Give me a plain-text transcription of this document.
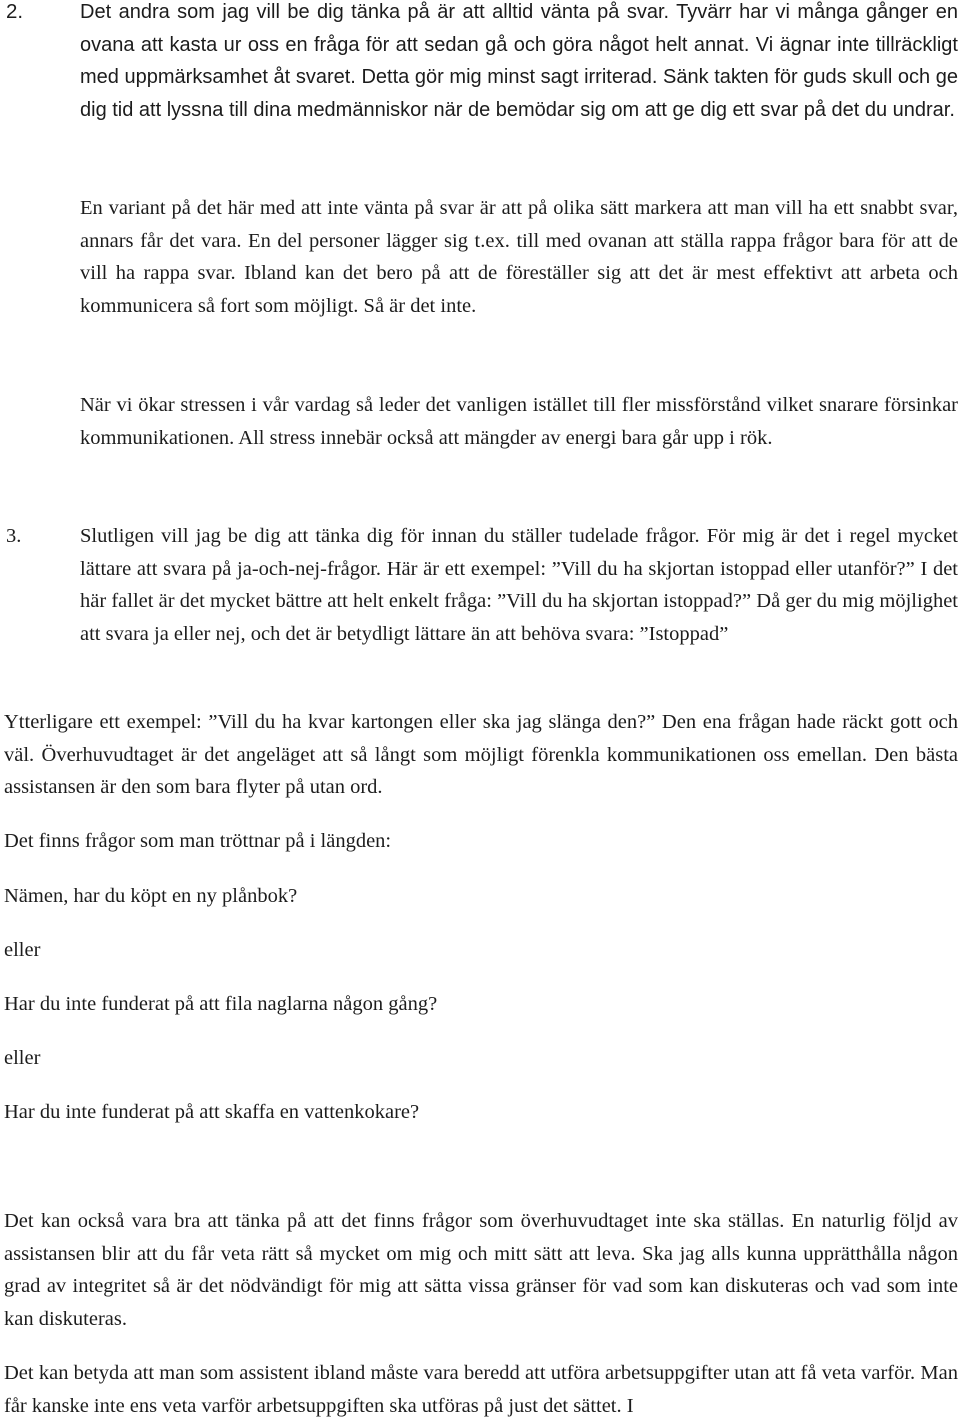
2.	Det andra som jag vill be dig tänka på är att alltid vänta på svar. Tyvärr har vi många gånger en ovana att kasta ur oss en fråga för att sedan gå och göra något helt annat. Vi ägnar inte tillräckligt med uppmärksamhet åt svaret. Detta gör mig minst sagt irriterad. Sänk takten för guds skull och ge dig tid att lyssna till dina medmänniskor när de bemödar sig om att ge dig ett svar på det du undrar.

En variant på det här med att inte vänta på svar är att på olika sätt markera att man vill ha ett snabbt svar, annars får det vara. En del personer lägger sig t.ex. till med ovanan att ställa rappa frågor bara för att de vill ha rappa svar. Ibland kan det bero på att de föreställer sig att det är mest effektivt att arbeta och kommunicera så fort som möjligt. Så är det inte.

När vi ökar stressen i vår vardag så leder det vanligen istället till fler missförstånd vilket snarare försinkar kommunikationen. All stress innebär också att mängder av energi bara går upp i rök.

3.	Slutligen vill jag be dig att tänka dig för innan du ställer tudelade frågor. För mig är det i regel mycket lättare att svara på ja-och-nej-frågor. Här är ett exempel: ”Vill du ha skjortan istoppad eller utanför?” I det här fallet är det mycket bättre att helt enkelt fråga: ”Vill du ha skjortan istoppad?” Då ger du mig möjlighet att svara ja eller nej, och det är betydligt lättare än att behöva svara: ”Istoppad”

Ytterligare ett exempel: ”Vill du ha kvar kartongen eller ska jag slänga den?” Den ena frågan hade räckt gott och väl. Överhuvudtaget är det angeläget att så långt som möjligt förenkla kommunikationen oss emellan. Den bästa assistansen är den som bara flyter på utan ord.

Det finns frågor som man tröttnar på i längden:

Nämen, har du köpt en ny plånbok?

eller

Har du inte funderat på att fila naglarna någon gång?

eller

Har du inte funderat på att skaffa en vattenkokare?

Det kan också vara bra att tänka på att det finns frågor som överhuvudtaget inte ska ställas. En naturlig följd av assistansen blir att du får veta rätt så mycket om mig och mitt sätt att leva. Ska jag alls kunna upprätthålla någon grad av integritet så är det nödvändigt för mig att sätta vissa gränser för vad som kan diskuteras och vad som inte kan diskuteras.

Det kan betyda att man som assistent ibland måste vara beredd att utföra arbetsuppgifter utan att få veta varför. Man får kanske inte ens veta varför arbetsuppgiften ska utföras på just det sättet. I
